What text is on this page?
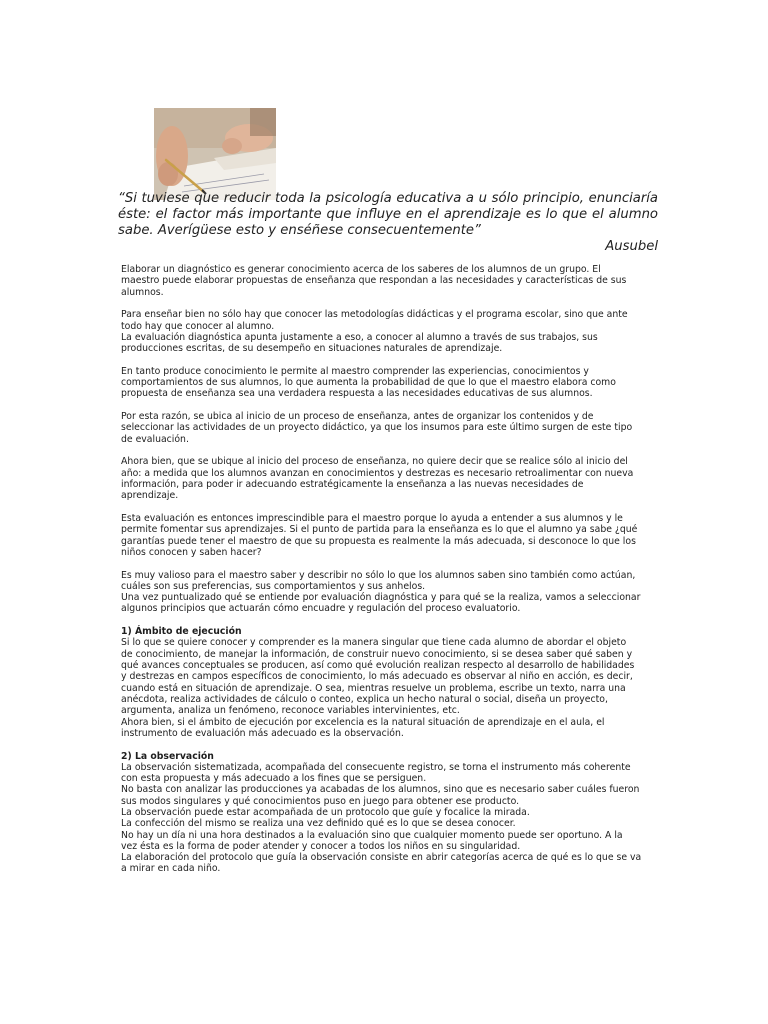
“Si tuviese que reducir toda la psicología educativa a u sólo principio, enunciaría éste: el factor más importante que influye en el aprendizaje es lo que el alumno sabe. Averígüese esto y enséñese consecuentemente”
Ausubel
Elaborar un diagnóstico es generar conocimiento acerca de los saberes de los alumnos de un grupo. El
maestro puede elaborar propuestas de enseñanza que respondan a las necesidades y características de sus
alumnos.
Para enseñar bien no sólo hay que conocer las metodologías didácticas y el programa escolar, sino que ante
todo hay que conocer al alumno.
La evaluación diagnóstica apunta justamente a eso, a conocer al alumno a través de sus trabajos, sus
producciones escritas, de su desempeño en situaciones naturales de aprendizaje.
En tanto produce conocimiento le permite al maestro comprender las experiencias, conocimientos y
comportamientos de sus alumnos, lo que aumenta la probabilidad de que lo que el maestro elabora como
propuesta de enseñanza sea una verdadera respuesta a las necesidades educativas de sus alumnos.
Por esta razón, se ubica al inicio de un proceso de enseñanza, antes de organizar los contenidos y de
seleccionar las actividades de un proyecto didáctico, ya que los insumos para este último surgen de este tipo
de evaluación.
Ahora bien, que se ubique al inicio del proceso de enseñanza, no quiere decir que se realice sólo al inicio del
año: a medida que los alumnos avanzan en conocimientos y destrezas es necesario retroalimentar con nueva
información, para poder ir adecuando estratégicamente la enseñanza a las nuevas necesidades de
aprendizaje.
Esta evaluación es entonces imprescindible para el maestro porque lo ayuda a entender a sus alumnos y le
permite fomentar sus aprendizajes. Si el punto de partida para la enseñanza es lo que el alumno ya sabe ¿qué
garantías puede tener el maestro de que su propuesta es realmente la más adecuada, si desconoce lo que los
niños conocen y saben hacer?
Es muy valioso para el maestro saber y describir no sólo lo que los alumnos saben sino también como actúan,
cuáles son sus preferencias, sus comportamientos y sus anhelos.
Una vez puntualizado qué se entiende por evaluación diagnóstica y para qué se la realiza, vamos a seleccionar
algunos principios que actuarán cómo encuadre y regulación del proceso evaluatorio.
1) Ámbito de ejecución
Si lo que se quiere conocer y comprender es la manera singular que tiene cada alumno de abordar el objeto
de conocimiento, de manejar la información, de construir nuevo conocimiento, si se desea saber qué saben y
qué avances conceptuales se producen, así como qué evolución realizan respecto al desarrollo de habilidades
y destrezas en campos específicos de conocimiento, lo más adecuado es observar al niño en acción, es decir,
cuando está en situación de aprendizaje. O sea, mientras resuelve un problema, escribe un texto, narra una
anécdota, realiza actividades de cálculo o conteo, explica un hecho natural o social, diseña un proyecto,
argumenta, analiza un fenómeno, reconoce variables intervinientes, etc.
Ahora bien, si el ámbito de ejecución por excelencia es la natural situación de aprendizaje en el aula, el
instrumento de evaluación más adecuado es la observación.
2) La observación
La observación sistematizada, acompañada del consecuente registro, se torna el instrumento más coherente
con esta propuesta y más adecuado a los fines que se persiguen.
No basta con analizar las producciones ya acabadas de los alumnos, sino que es necesario saber cuáles fueron
sus modos singulares y qué conocimientos puso en juego para obtener ese producto.
La observación puede estar acompañada de un protocolo que guíe y focalice la mirada.
La confección del mismo se realiza una vez definido qué es lo que se desea conocer.
No hay un día ni una hora destinados a la evaluación sino que cualquier momento puede ser oportuno. A la
vez ésta es la forma de poder atender y conocer a todos los niños en su singularidad.
La elaboración del protocolo que guía la observación consiste en abrir categorías acerca de qué es lo que se va
a mirar en cada niño.
